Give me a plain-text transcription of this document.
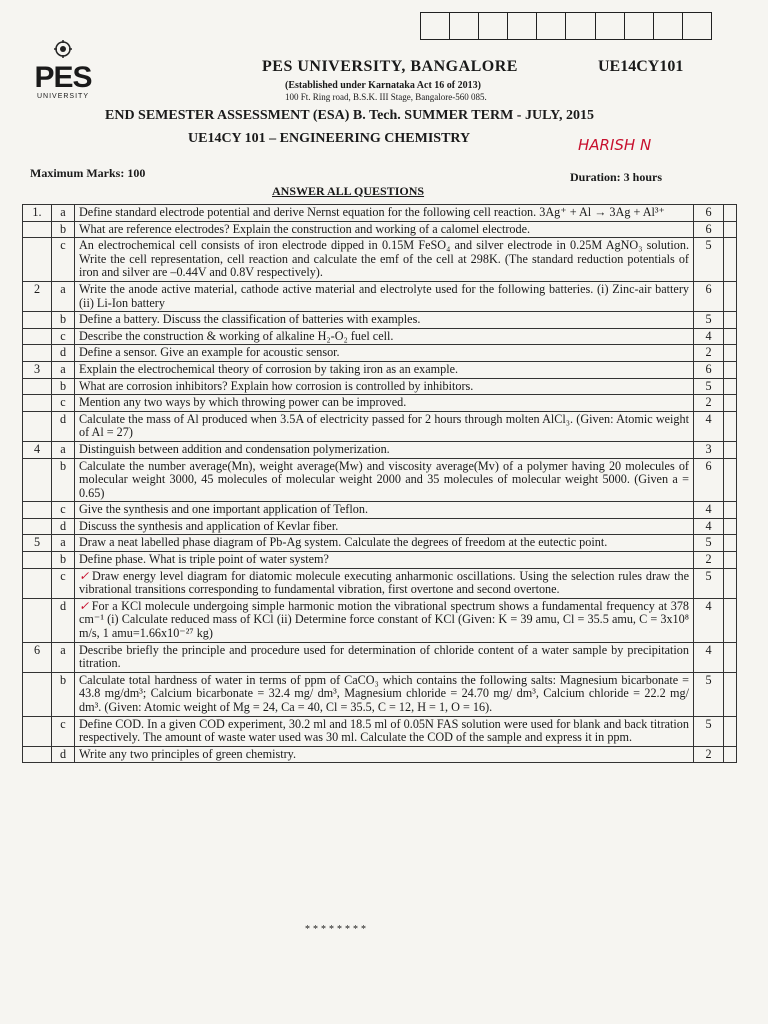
PES
UNIVERSITY
PES UNIVERSITY, BANGALORE	UE14CY101
(Established under Karnataka Act 16 of 2013)
100 Ft. Ring road, B.S.K. III Stage, Bangalore-560 085.
END SEMESTER ASSESSMENT (ESA) B. Tech. SUMMER TERM - JULY, 2015
UE14CY 101 – ENGINEERING CHEMISTRY	HARISH N
Maximum Marks: 100	Duration: 3 hours
ANSWER ALL QUESTIONS
1.	a	Define standard electrode potential and derive Nernst equation for the following cell reaction. 3Ag⁺ + Al → 3Ag + Al³⁺	6	
	b	What are reference electrodes? Explain the construction and working of a calomel electrode.	6	
	c	An electrochemical cell consists of iron electrode dipped in 0.15M FeSO₄ and silver electrode in 0.25M AgNO₃ solution. Write the cell representation, cell reaction and calculate the emf of the cell at 298K. (The standard reduction potentials of iron and silver are –0.44V and 0.8V respectively).	5	
2	a	Write the anode active material, cathode active material and electrolyte used for the following batteries. (i) Zinc-air battery (ii) Li-Ion battery	6	
	b	Define a battery. Discuss the classification of batteries with examples.	5	
	c	Describe the construction & working of alkaline H₂-O₂ fuel cell.	4	
	d	Define a sensor. Give an example for acoustic sensor.	2	
3	a	Explain the electrochemical theory of corrosion by taking iron as an example.	6	
	b	What are corrosion inhibitors? Explain how corrosion is controlled by inhibitors.	5	
	c	Mention any two ways by which throwing power can be improved.	2	
	d	Calculate the mass of Al produced when 3.5A of electricity passed for 2 hours through molten AlCl₃. (Given: Atomic weight of Al = 27)	4	
4	a	Distinguish between addition and condensation polymerization.	3	
	b	Calculate the number average(Mn), weight average(Mw) and viscosity average(Mv) of a polymer having 20 molecules of molecular weight 3000, 45 molecules of molecular weight 2000 and 35 molecules of molecular weight 5000. (Given a = 0.65)	6	
	c	Give the synthesis and one important application of Teflon.	4	
	d	Discuss the synthesis and application of Kevlar fiber.	4	
5	a	Draw a neat labelled phase diagram of Pb-Ag system. Calculate the degrees of freedom at the eutectic point.	5	
	b	Define phase. What is triple point of water system?	2	
	c	✓ Draw energy level diagram for diatomic molecule executing anharmonic oscillations. Using the selection rules draw the vibrational transitions corresponding to fundamental vibration, first overtone and second overtone.	5	
	d	✓ For a KCl molecule undergoing simple harmonic motion the vibrational spectrum shows a fundamental frequency at 378 cm⁻¹ (i) Calculate reduced mass of KCl (ii) Determine force constant of KCl (Given: K = 39 amu, Cl = 35.5 amu, C = 3x10⁸ m/s, 1 amu=1.66x10⁻²⁷ kg)	4	
6	a	Describe briefly the principle and procedure used for determination of chloride content of a water sample by precipitation titration.	4	
	b	Calculate total hardness of water in terms of ppm of CaCO₃ which contains the following salts: Magnesium bicarbonate = 43.8 mg/dm³; Calcium bicarbonate = 32.4 mg/ dm³, Magnesium chloride = 24.70 mg/ dm³, Calcium chloride = 22.2 mg/ dm³. (Given: Atomic weight of Mg = 24, Ca = 40, Cl = 35.5, C = 12, H = 1, O = 16).	5	
	c	Define COD. In a given COD experiment, 30.2 ml and 18.5 ml of 0.05N FAS solution were used for blank and back titration respectively. The amount of waste water used was 30 ml. Calculate the COD of the sample and express it in ppm.	5	
	d	Write any two principles of green chemistry.	2	
********
